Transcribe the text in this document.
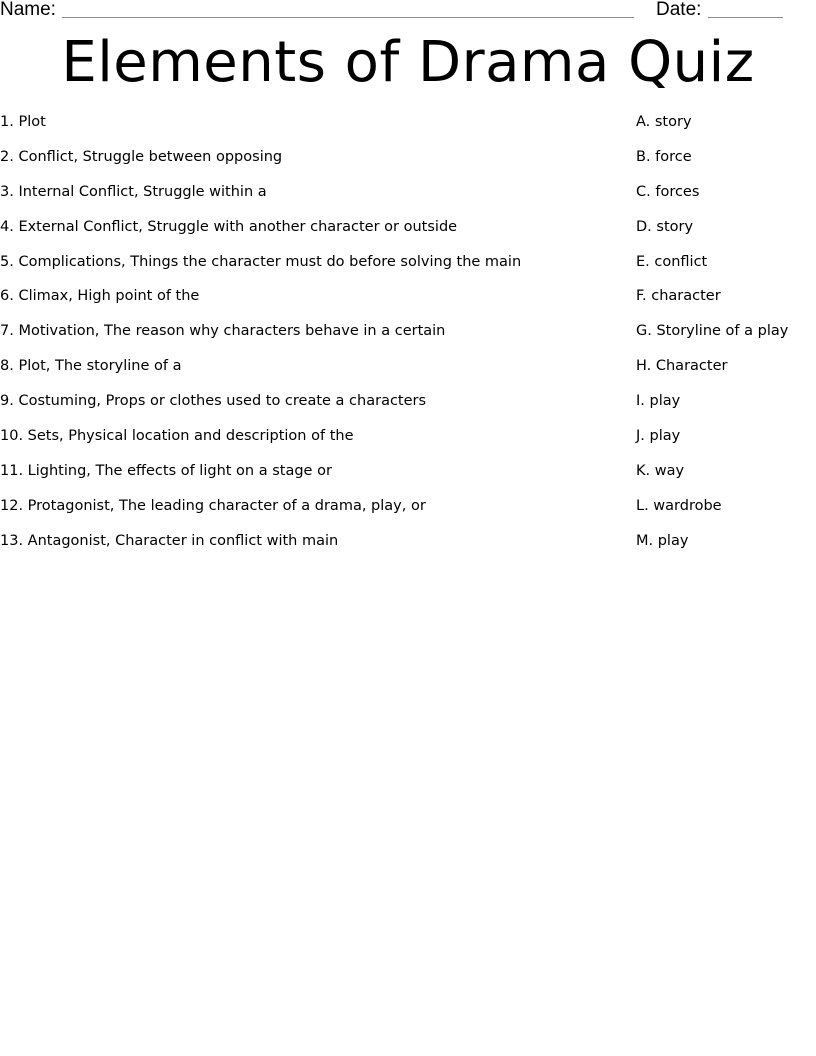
Name:	Date:
Elements of Drama Quiz
1. Plot
2. Conflict, Struggle between opposing
3. Internal Conflict, Struggle within a
4. External Conflict, Struggle with another character or outside
5. Complications, Things the character must do before solving the main
6. Climax, High point of the
7. Motivation, The reason why characters behave in a certain
8. Plot, The storyline of a
9. Costuming, Props or clothes used to create a characters
10. Sets, Physical location and description of the
11. Lighting, The effects of light on a stage or
12. Protagonist, The leading character of a drama, play, or
13. Antagonist, Character in conflict with main
A. story
B. force
C. forces
D. story
E. conflict
F. character
G. Storyline of a play
H. Character
I. play
J. play
K. way
L. wardrobe
M. play
